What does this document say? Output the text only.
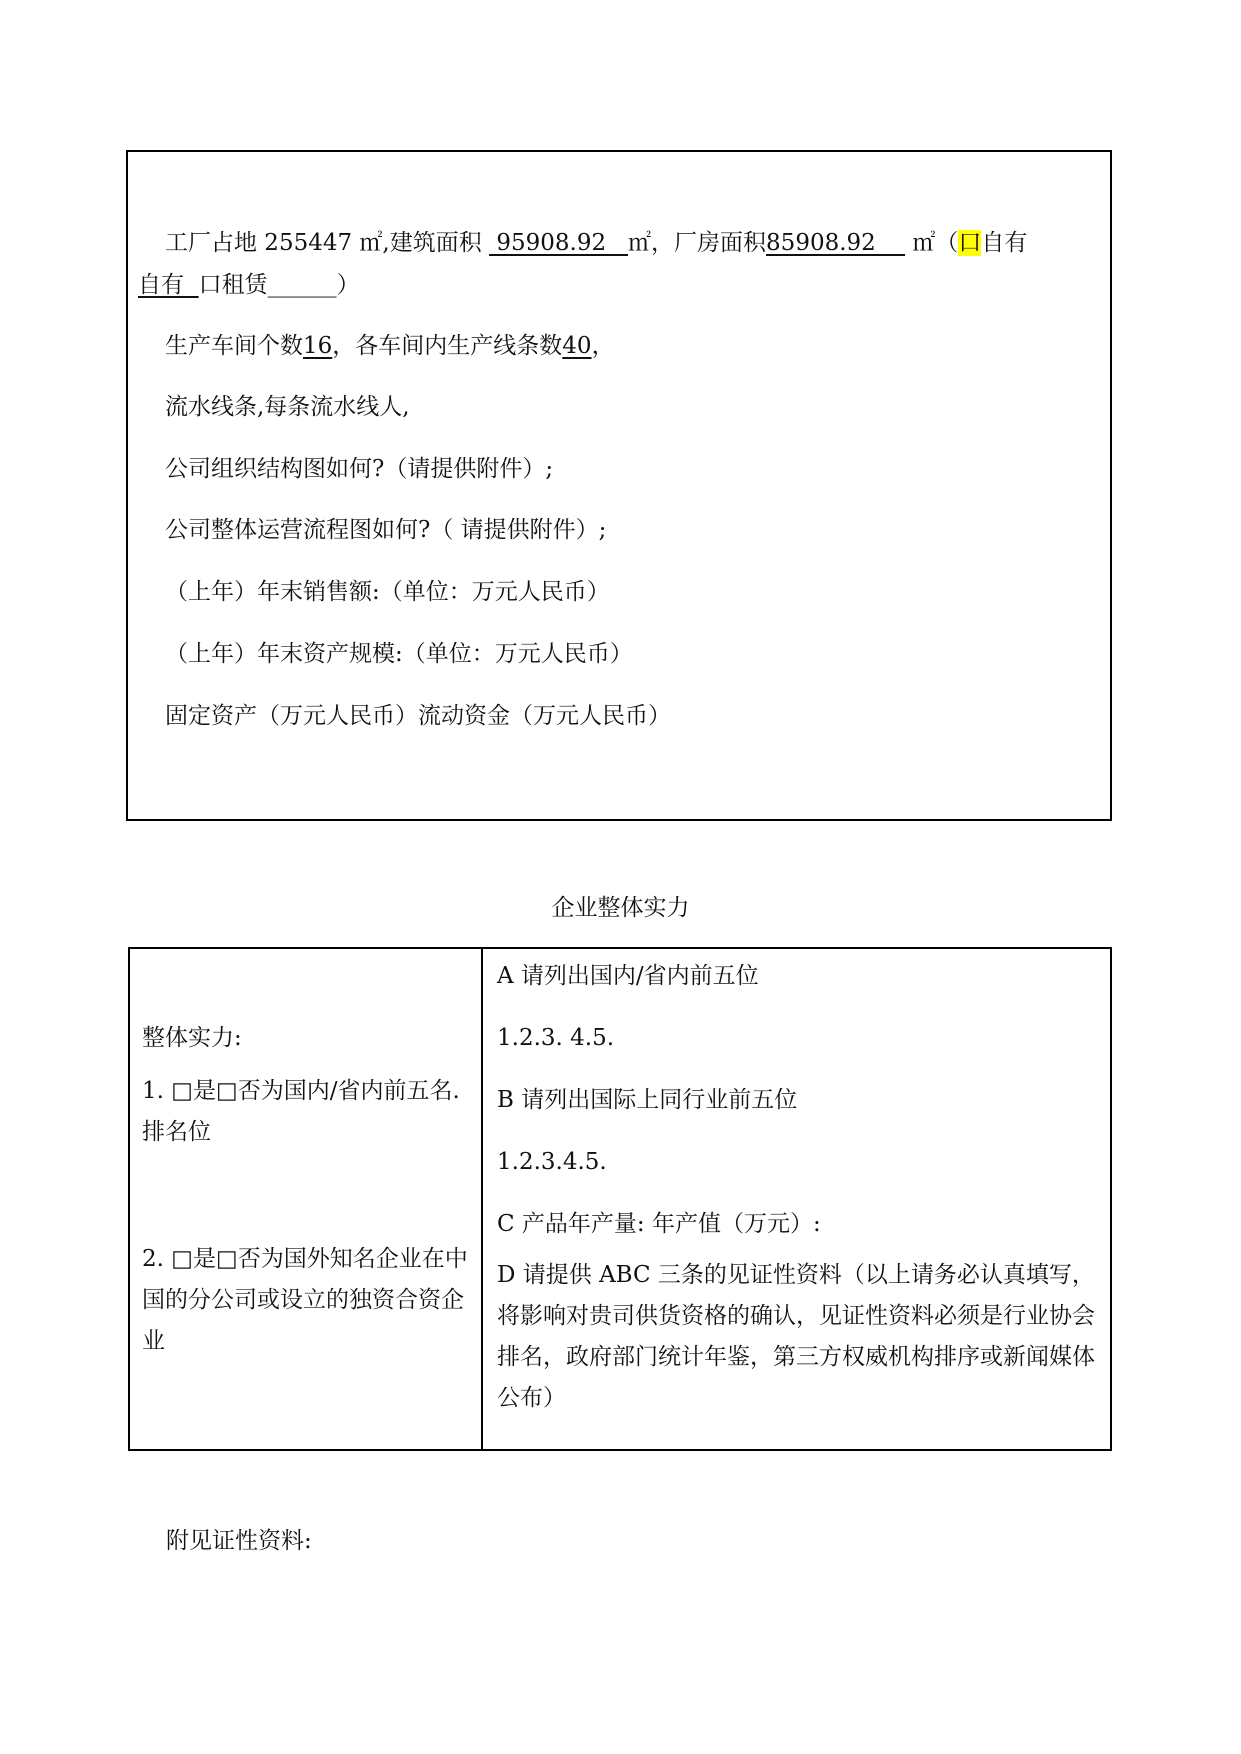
工厂占地 255447 ㎡,建筑面积  95908.92   ㎡，厂房面积85908.92     ㎡（口自有 自有  口租赁______）
生产车间个数16，各车间内生产线条数40，
流水线条,每条流水线人,
公司组织结构图如何?（请提供附件）;
公司整体运营流程图如何?（ 请提供附件）;
（上年）年末销售额:（单位：万元人民币）
（上年）年末资产规模:（单位：万元人民币）
固定资产（万元人民币）流动资金（万元人民币）
企业整体实力
整体实力:
1. □是□否为国内/省内前五名.排名位
2. □是□否为国外知名企业在中国的分公司或设立的独资合资企业
A 请列出国内/省内前五位
1.2.3. 4.5.
B 请列出国际上同行业前五位
1.2.3.4.5.
C 产品年产量: 年产值（万元）:
D 请提供 ABC 三条的见证性资料（以上请务必认真填写，将影响对贵司供货资格的确认，见证性资料必须是行业协会排名，政府部门统计年鉴，第三方权威机构排序或新闻媒体公布）
附见证性资料:
